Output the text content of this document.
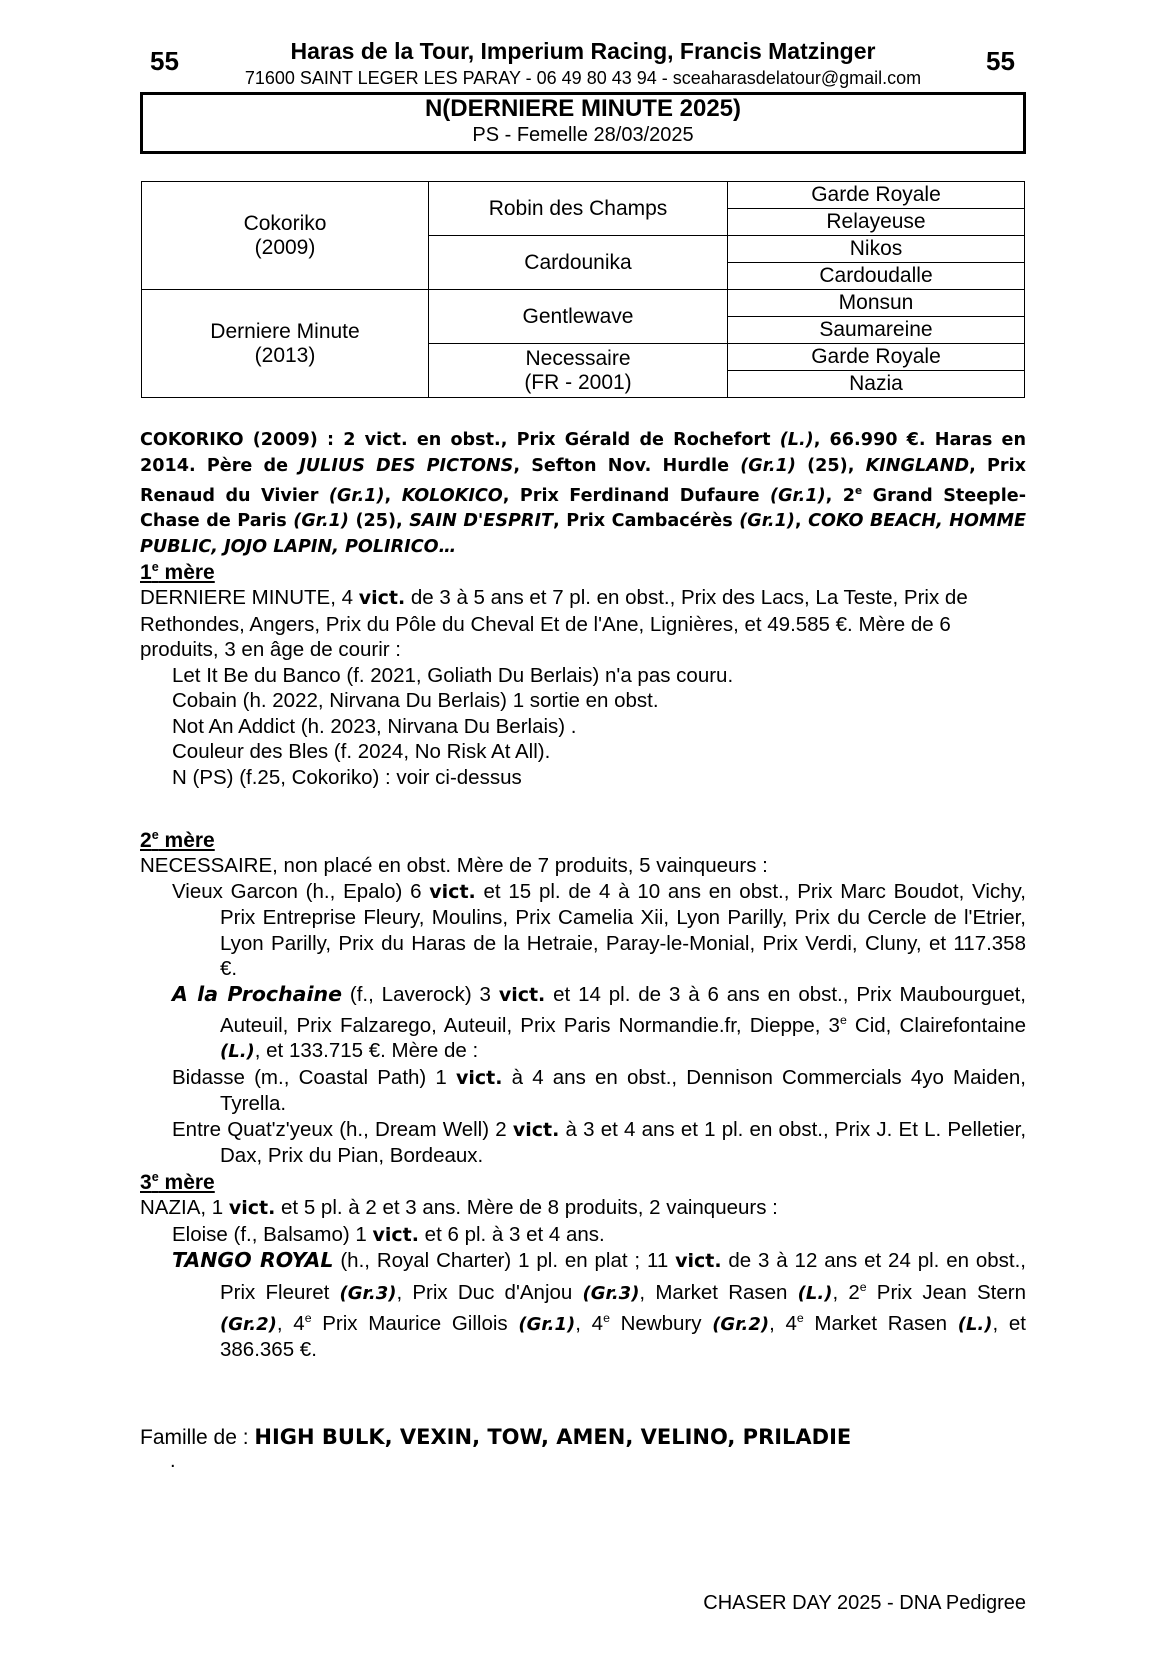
55	Haras de la Tour, Imperium Racing, Francis Matzinger	55
71600 SAINT LEGER LES PARAY - 06 49 80 43 94 - sceaharasdelatour@gmail.com
N(DERNIERE MINUTE 2025)
PS - Femelle 28/03/2025
Cokoriko
(2009)	Robin des Champs	Garde Royale
		Relayeuse
	Cardounika	Nikos
		Cardoudalle

Derniere Minute
(2013)	Gentlewave	Monsun
		Saumareine

	Necessaire
(FR - 2001)	Garde Royale
		Nazia
COKORIKO (2009) : 2 vict. en obst., Prix Gérald de Rochefort (L.), 66.990 €. Haras en 2014. Père de JULIUS DES PICTONS, Sefton Nov. Hurdle (Gr.1) (25), KINGLAND, Prix Renaud du Vivier (Gr.1), KOLOKICO, Prix Ferdinand Dufaure (Gr.1), 2e Grand Steeple-Chase de Paris (Gr.1) (25), SAIN D'ESPRIT, Prix Cambacérès (Gr.1), COKO BEACH, HOMME PUBLIC, JOJO LAPIN, POLIRICO…
1e mère

DERNIERE MINUTE, 4 vict. de 3 à 5 ans et 7 pl. en obst., Prix des Lacs, La Teste, Prix de Rethondes, Angers, Prix du Pôle du Cheval Et de l'Ane, Lignières, et 49.585 €. Mère de 6 produits, 3 en âge de courir :

Let It Be du Banco (f. 2021, Goliath Du Berlais) n'a pas couru.

Cobain (h. 2022, Nirvana Du Berlais) 1 sortie en obst.

Not An Addict (h. 2023, Nirvana Du Berlais) .

Couleur des Bles (f. 2024, No Risk At All).

N (PS) (f.25, Cokoriko) : voir ci-dessus

2e mère

NECESSAIRE, non placé en obst. Mère de 7 produits, 5 vainqueurs :

Vieux Garcon (h., Epalo) 6 vict. et 15 pl. de 4 à 10 ans en obst., Prix Marc Boudot, Vichy, Prix Entreprise Fleury, Moulins, Prix Camelia Xii, Lyon Parilly, Prix du Cercle de l'Etrier, Lyon Parilly, Prix du Haras de la Hetraie, Paray-le-Monial, Prix Verdi, Cluny, et 117.358 €.

A la Prochaine (f., Laverock) 3 vict. et 14 pl. de 3 à 6 ans en obst., Prix Maubourguet, Auteuil, Prix Falzarego, Auteuil, Prix Paris Normandie.fr, Dieppe, 3e Cid, Clairefontaine (L.), et 133.715 €. Mère de :

Bidasse (m., Coastal Path) 1 vict. à 4 ans en obst., Dennison Commercials 4yo Maiden, Tyrella.

Entre Quat'z'yeux (h., Dream Well) 2 vict. à 3 et 4 ans et 1 pl. en obst., Prix J. Et L. Pelletier, Dax, Prix du Pian, Bordeaux.

3e mère

NAZIA, 1 vict. et 5 pl. à 2 et 3 ans. Mère de 8 produits, 2 vainqueurs :

Eloise (f., Balsamo) 1 vict. et 6 pl. à 3 et 4 ans.

TANGO ROYAL (h., Royal Charter) 1 pl. en plat ; 11 vict. de 3 à 12 ans et 24 pl. en obst., Prix Fleuret (Gr.3), Prix Duc d'Anjou (Gr.3), Market Rasen (L.), 2e Prix Jean Stern (Gr.2), 4e Prix Maurice Gillois (Gr.1), 4e Newbury (Gr.2), 4e Market Rasen (L.), et 386.365 €.

Famille de : HIGH BULK, VEXIN, TOW, AMEN, VELINO, PRILADIE
.
CHASER DAY 2025 - DNA Pedigree
